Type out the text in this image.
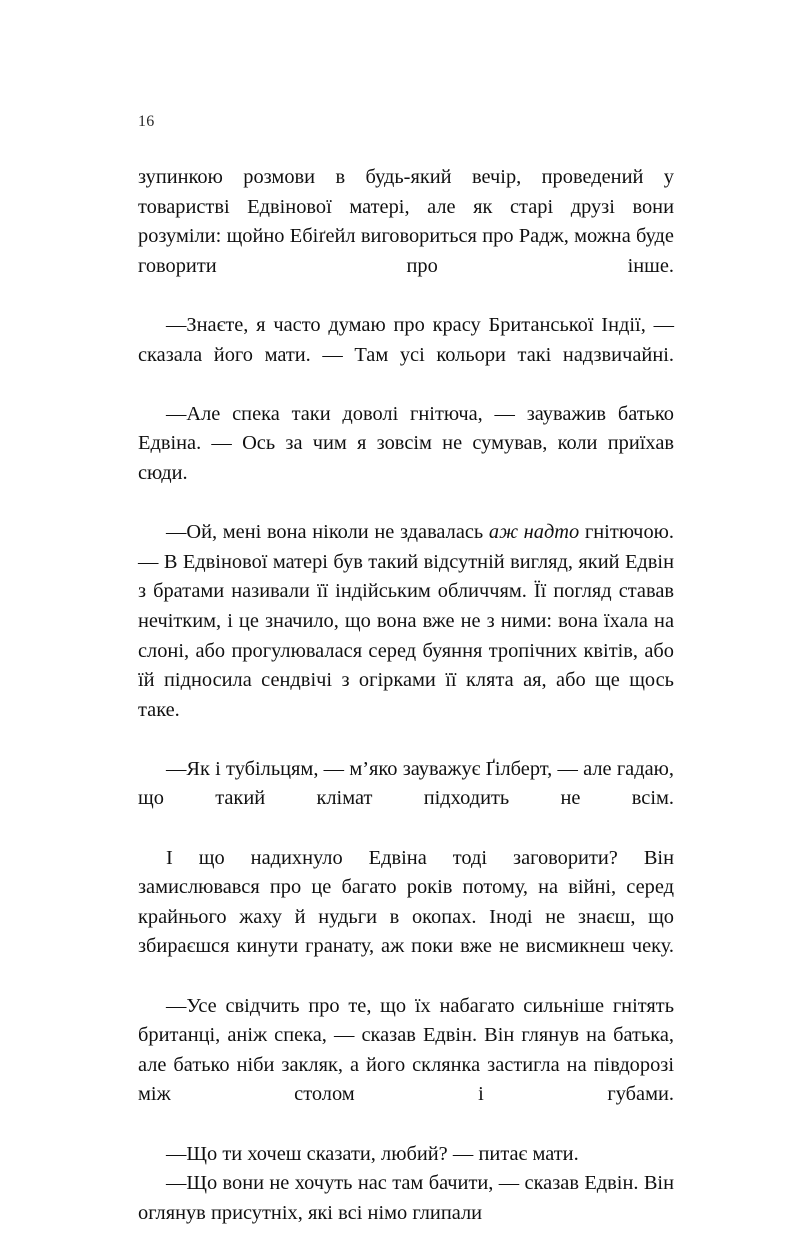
16

зупинкою розмови в будь-який вечір, проведений у товаристві Едвінової матері, але як старі друзі вони розуміли: щойно Ебіґейл виговориться про Радж, можна буде говорити про інше.

—Знаєте, я часто думаю про красу Британської Індії, — сказала його мати. — Там усі кольори такі надзвичайні.

—Але спека таки доволі гнітюча, — зауважив батько Едвіна. — Ось за чим я зовсім не сумував, коли приїхав сюди.

—Ой, мені вона ніколи не здавалась аж надто гнітючою. — В Едвінової матері був такий відсутній вигляд, який Едвін з братами називали її індійським обличчям. Її погляд ставав нечітким, і це значило, що вона вже не з ними: вона їхала на слоні, або прогулювалася серед буяння тропічних квітів, або їй підносила сендвічі з огірками її клята ая, або ще щось таке.

—Як і тубільцям, — м’яко зауважує Ґілберт, — але гадаю, що такий клімат підходить не всім.

І що надихнуло Едвіна тоді заговорити? Він замислювався про це багато років потому, на війні, серед крайнього жаху й нудьги в окопах. Іноді не знаєш, що збираєшся кинути гранату, аж поки вже не висмикнеш чеку.

—Усе свідчить про те, що їх набагато сильніше гнітять британці, аніж спека, — сказав Едвін. Він глянув на батька, але батько ніби закляк, а його склянка застигла на півдорозі між столом і губами.

—Що ти хочеш сказати, любий? — питає мати.

—Що вони не хочуть нас там бачити, — сказав Едвін. Він оглянув присутніх, які всі німо глипали
